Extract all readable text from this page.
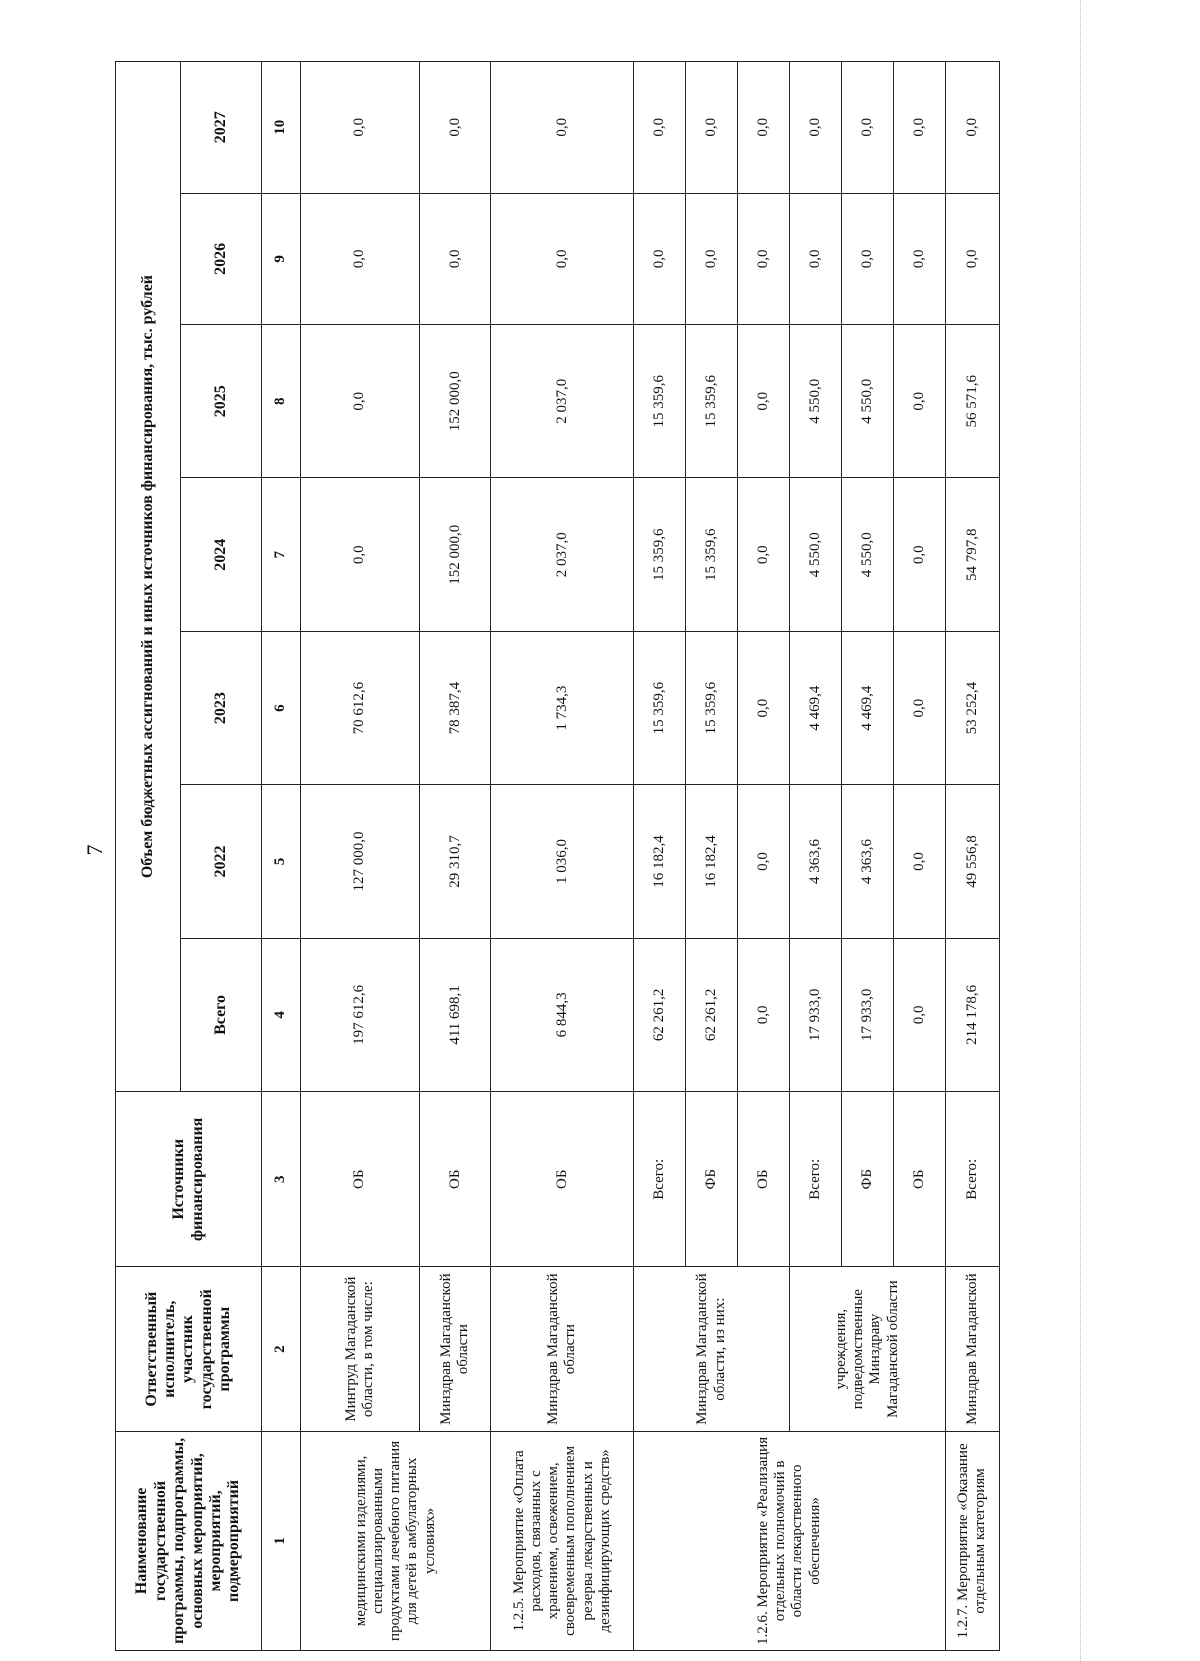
7
Наименование государственной программы, подпрограммы, основных мероприятий, мероприятий, подмероприятий	Ответственный исполнитель, участник государственной программы	Источники финансирования	Объем бюджетных ассигнований и иных источников финансирования, тыс. рублей						
			Всего	2022	2023	2024	2025	2026	2027
1	2	3	4	5	6	7	8	9	10
медицинскими изделиями, специализированными продуктами лечебного питания для детей в амбулаторных условиях»	Минтруд Магаданской области, в том числе:	ОБ	197 612,6	127 000,0	70 612,6	0,0	0,0	0,0	0,0
	Минздрав Магаданской области	ОБ	411 698,1	29 310,7	78 387,4	152 000,0	152 000,0	0,0	0,0
1.2.5. Мероприятие «Оплата расходов, связанных с хранением, освежением, своевременным пополнением резерва лекарственных и дезинфицирующих средств»	Минздрав Магаданской области	ОБ	6 844,3	1 036,0	1 734,3	2 037,0	2 037,0	0,0	0,0
1.2.6. Мероприятие «Реализация отдельных полномочий в области лекарственного обеспечения»	Минздрав Магаданской области, из них:	Всего:	62 261,2	16 182,4	15 359,6	15 359,6	15 359,6	0,0	0,0
		ФБ	62 261,2	16 182,4	15 359,6	15 359,6	15 359,6	0,0	0,0
		ОБ	0,0	0,0	0,0	0,0	0,0	0,0	0,0
	учреждения, подведомственные Минздраву Магаданской области	Всего:	17 933,0	4 363,6	4 469,4	4 550,0	4 550,0	0,0	0,0
		ФБ	17 933,0	4 363,6	4 469,4	4 550,0	4 550,0	0,0	0,0
		ОБ	0,0	0,0	0,0	0,0	0,0	0,0	0,0
1.2.7. Мероприятие «Оказание отдельным категориям	Минздрав Магаданской	Всего:	214 178,6	49 556,8	53 252,4	54 797,8	56 571,6	0,0	0,0
